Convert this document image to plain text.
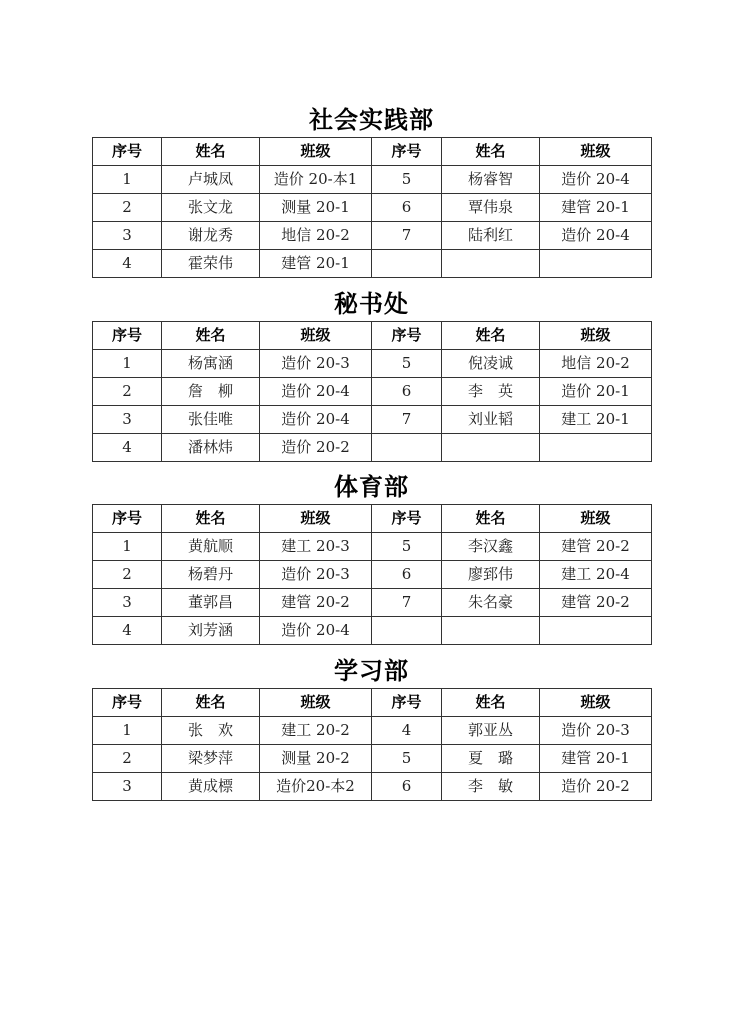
社会实践部
序号	姓名	班级	序号	姓名	班级
1	卢城凤	造价 20-本1	5	杨睿智	造价 20-4
2	张文龙	测量 20-1	6	覃伟泉	建管 20-1
3	谢龙秀	地信 20-2	7	陆利红	造价 20-4
4	霍荣伟	建管 20-1			
秘书处
序号	姓名	班级	序号	姓名	班级
1	杨寓涵	造价 20-3	5	倪凌诚	地信 20-2
2	詹　柳	造价 20-4	6	李　英	造价 20-1
3	张佳唯	造价 20-4	7	刘业韬	建工 20-1
4	潘林炜	造价 20-2			
体育部
序号	姓名	班级	序号	姓名	班级
1	黄航顺	建工 20-3	5	李汉鑫	建管 20-2
2	杨碧丹	造价 20-3	6	廖郅伟	建工 20-4
3	董郭昌	建管 20-2	7	朱名豪	建管 20-2
4	刘芳涵	造价 20-4			
学习部
序号	姓名	班级	序号	姓名	班级
1	张　欢	建工 20-2	4	郭亚丛	造价 20-3
2	梁梦萍	测量 20-2	5	夏　璐	建管 20-1
3	黄成標	造价20-本2	6	李　敏	造价 20-2
